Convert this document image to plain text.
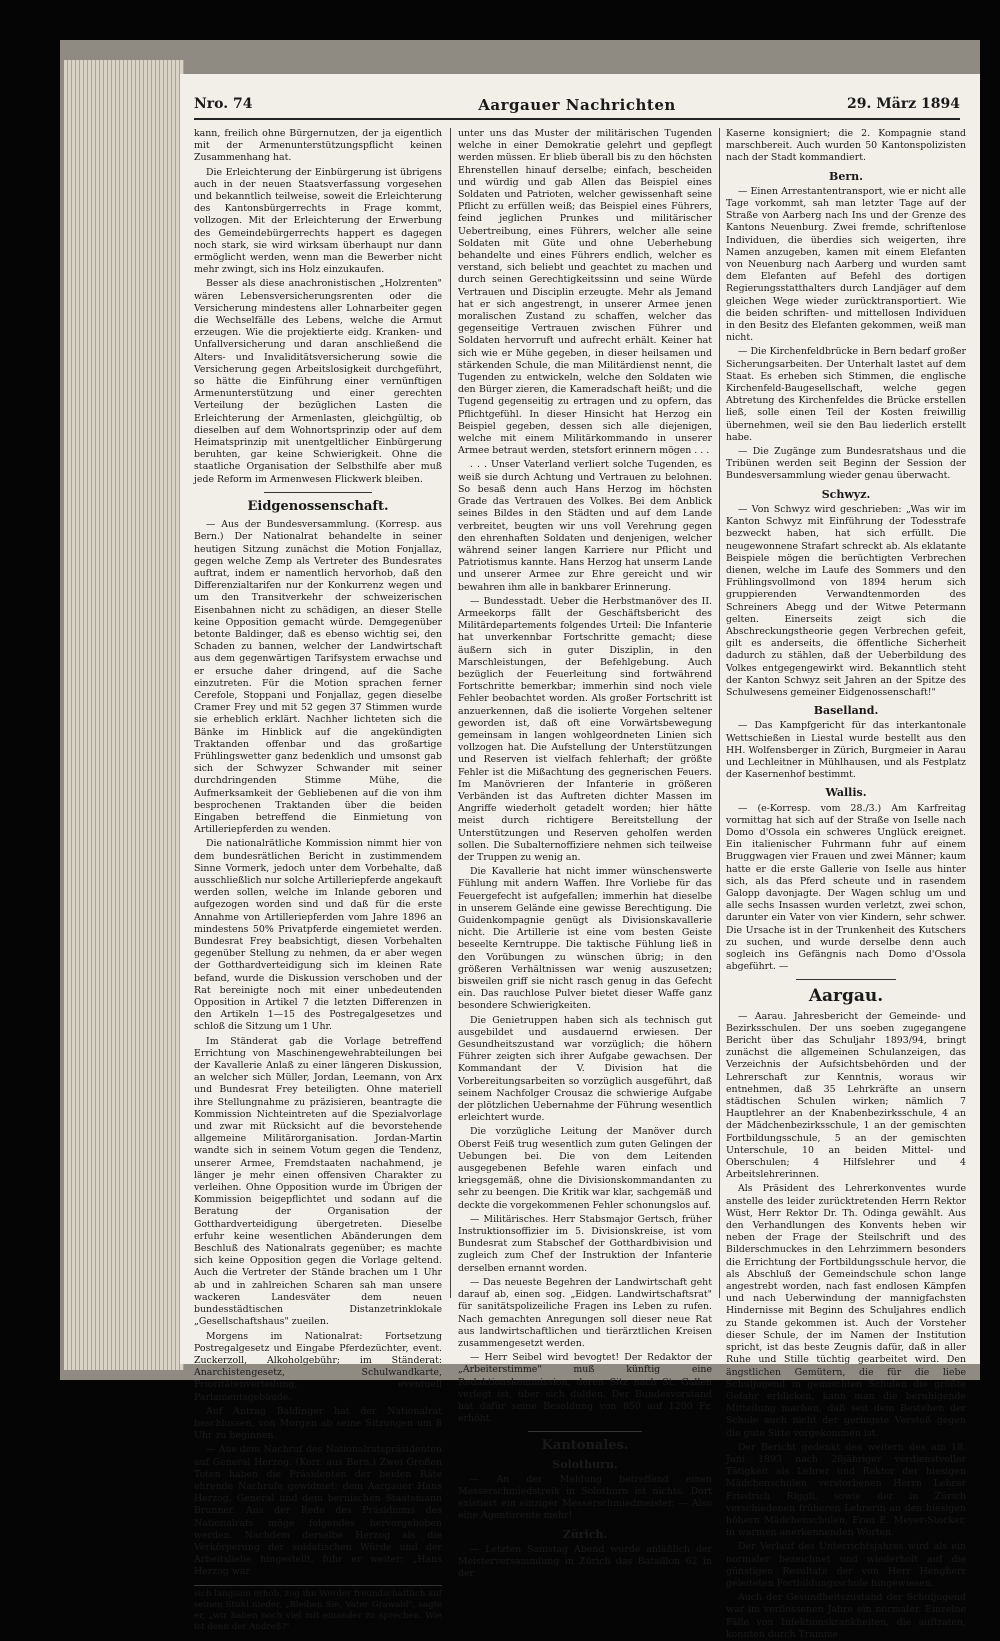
Nro. 74	Aargauer Nachrichten	29. März 1894

kann, freilich ohne Bürgernutzen, der ja eigentlich mit der Armenunterstützungspflicht keinen Zusammenhang hat.

Die Erleichterung der Einbürgerung ist übrigens auch in der neuen Staatsverfassung vorgesehen und bekanntlich teilweise, soweit die Erleichterung des Kantonsbürgerrechts in Frage kommt, vollzogen. Mit der Erleichterung der Erwerbung des Gemeindebürgerrechts happert es dagegen noch stark, sie wird wirksam überhaupt nur dann ermöglicht werden, wenn man die Bewerber nicht mehr zwingt, sich ins Holz einzukaufen.

Besser als diese anachronistischen „Holzrenten" wären Lebensversicherungsrenten oder die Versicherung mindestens aller Lohnarbeiter gegen die Wechselfälle des Lebens, welche die Armut erzeugen. Wie die projektierte eidg. Kranken- und Unfallversicherung und daran anschließend die Alters- und Invaliditätsversicherung sowie die Versicherung gegen Arbeitslosigkeit durchgeführt, so hätte die Einführung einer vernünftigen Armenunterstützung und einer gerechten Verteilung der bezüglichen Lasten die Erleichterung der Armenlasten, gleichgültig, ob dieselben auf dem Wohnortsprinzip oder auf dem Heimatsprinzip mit unentgeltlicher Einbürgerung beruhten, gar keine Schwierigkeit. Ohne die staatliche Organisation der Selbsthilfe aber muß jede Reform im Armenwesen Flickwerk bleiben.

Eidgenossenschaft.

— Aus der Bundesversammlung. (Korresp. aus Bern.) Der Nationalrat behandelte in seiner heutigen Sitzung zunächst die Motion Fonjallaz, gegen welche Zemp als Vertreter des Bundesrates auftrat, indem er namentlich hervorhob, daß den Differenzialtarifen nur der Konkurrenz wegen und um den Transitverkehr der schweizerischen Eisenbahnen nicht zu schädigen, an dieser Stelle keine Opposition gemacht würde. Demgegenüber betonte Baldinger, daß es ebenso wichtig sei, den Schaden zu bannen, welcher der Landwirtschaft aus dem gegenwärtigen Tarifsystem erwachse und er ersuche daher dringend, auf die Sache einzutreten. Für die Motion sprachen ferner Cerefole, Stoppani und Fonjallaz, gegen dieselbe Cramer Frey und mit 52 gegen 37 Stimmen wurde sie erheblich erklärt. Nachher lichteten sich die Bänke im Hinblick auf die angekündigten Traktanden offenbar und das großartige Frühlingswetter ganz bedenklich und umsonst gab sich der Schwyzer Schwander mit seiner durchdringenden Stimme Mühe, die Aufmerksamkeit der Gebliebenen auf die von ihm besprochenen Traktanden über die beiden Eingaben betreffend die Einmietung von Artilleriepferden zu wenden.

Die nationalrätliche Kommission nimmt hier von dem bundesrätlichen Bericht in zustimmendem Sinne Vormerk, jedoch unter dem Vorbehalte, daß ausschließlich nur solche Artilleriepferde angekauft werden sollen, welche im Inlande geboren und aufgezogen worden sind und daß für die erste Annahme von Artilleriepferden vom Jahre 1896 an mindestens 50% Privatpferde eingemietet werden. Bundesrat Frey beabsichtigt, diesen Vorbehalten gegenüber Stellung zu nehmen, da er aber wegen der Gotthardverteidigung sich im kleinen Rate befand, wurde die Diskussion verschoben und der Rat bereinigte noch mit einer unbedeutenden Opposition in Artikel 7 die letzten Differenzen in den Artikeln 1—15 des Postregalgesetzes und schloß die Sitzung um 1 Uhr.

Im Ständerat gab die Vorlage betreffend Errichtung von Maschinengewehrabteilungen bei der Kavallerie Anlaß zu einer längeren Diskussion, an welcher sich Müller, Jordan, Leemann, von Arx und Bundesrat Frey beteiligten. Ohne materiell ihre Stellungnahme zu präzisieren, beantragte die Kommission Nichteintreten auf die Spezialvorlage und zwar mit Rücksicht auf die bevorstehende allgemeine Militärorganisation. Jordan-Martin wandte sich in seinem Votum gegen die Tendenz, unserer Armee, Fremdstaaten nachahmend, je länger je mehr einen offensiven Charakter zu verleihen. Ohne Opposition wurde im Übrigen der Kommission beigepflichtet und sodann auf die Beratung der Organisation der Gotthardverteidigung übergetreten. Dieselbe erfuhr keine wesentlichen Abänderungen dem Beschluß des Nationalrats gegenüber; es machte sich keine Opposition gegen die Vorlage geltend. Auch die Vertreter der Stände brachen um 1 Uhr ab und in zahlreichen Scharen sah man unsere wackeren Landesväter dem neuen bundesstädtischen Distanzetrinklokale „Gesellschaftshaus" zueilen.

Morgens im Nationalrat: Fortsetzung Postregalgesetz und Eingabe Pferdezüchter, event. Zuckerzoll, Alkoholgebühr; im Ständerat: Anarchistengesetz, Schulwandkarte, Prioritätenverteilung, eventuell Parlamentsgebäude.

Auf Antrag Baldinger hat der Nationalrat beschlossen, von Morgen ab seine Sitzungen um 8 Uhr zu beginnen.

— Aus dem Nachruf des Nationalratspräsidenten auf General Herzog. (Korr. aus Bern.) Zwei Großen Toten haben die Präsidenten der beiden Räte ehrende Nachrufe gewidmet: dem Aargauer Hans Herzog, General und dem bernischen Staatsmann Brunner. Aus der Rede des Präsidiums des Nationalrats möge folgendes hervorgehoben werden. Nachdem derselbe Herzog als die Verkörperung der soldatischen Würde und der Arbeitsliebe hingestellt, fuhr er weiter: „Hans Herzog war

sich langsam erhob, zog ihn Werder freundschaftlich auf seinen Stuhl nieder, „Bleiben Sie, Vater Grawald", sagte er, „wir haben noch viel mit einander zu sprechen. Wie ist denn der Andreß?"

unter uns das Muster der militärischen Tugenden welche in einer Demokratie gelehrt und gepflegt werden müssen. Er blieb überall bis zu den höchsten Ehrenstellen hinauf derselbe; einfach, bescheiden und würdig und gab Allen das Beispiel eines Soldaten und Patrioten, welcher gewissenhaft seine Pflicht zu erfüllen weiß; das Beispiel eines Führers, feind jeglichen Prunkes und militärischer Uebertreibung, eines Führers, welcher alle seine Soldaten mit Güte und ohne Ueberhebung behandelte und eines Führers endlich, welcher es verstand, sich beliebt und geachtet zu machen und durch seinen Gerechtigkeitssinn und seine Würde Vertrauen und Disciplin erzeugte. Mehr als Jemand hat er sich angestrengt, in unserer Armee jenen moralischen Zustand zu schaffen, welcher das gegenseitige Vertrauen zwischen Führer und Soldaten hervorruft und aufrecht erhält. Keiner hat sich wie er Mühe gegeben, in dieser heilsamen und stärkenden Schule, die man Militärdienst nennt, die Tugenden zu entwickeln, welche den Soldaten wie den Bürger zieren, die Kameradschaft heißt; und die Tugend gegenseitig zu ertragen und zu opfern, das Pflichtgefühl. In dieser Hinsicht hat Herzog ein Beispiel gegeben, dessen sich alle diejenigen, welche mit einem Militärkommando in unserer Armee betraut werden, stetsfort erinnern mögen . . .

. . . Unser Vaterland verliert solche Tugenden, es weiß sie durch Achtung und Vertrauen zu belohnen. So besaß denn auch Hans Herzog im höchsten Grade das Vertrauen des Volkes. Bei dem Anblick seines Bildes in den Städten und auf dem Lande verbreitet, beugten wir uns voll Verehrung gegen den ehrenhaften Soldaten und denjenigen, welcher während seiner langen Karriere nur Pflicht und Patriotismus kannte. Hans Herzog hat unserm Lande und unserer Armee zur Ehre gereicht und wir bewahren ihm alle in bankbarer Erinnerung.

— Bundesstadt. Ueber die Herbstmanöver des II. Armeekorps fällt der Geschäftsbericht des Militärdepartements folgendes Urteil: Die Infanterie hat unverkennbar Fortschritte gemacht; diese äußern sich in guter Disziplin, in den Marschleistungen, der Befehlgebung. Auch bezüglich der Feuerleitung sind fortwährend Fortschritte bemerkbar; immerhin sind noch viele Fehler beobachtet worden. Als großer Fortschritt ist anzuerkennen, daß die isolierte Vorgehen seltener geworden ist, daß oft eine Vorwärtsbewegung gemeinsam in langen wohlgeordneten Linien sich vollzogen hat. Die Aufstellung der Unterstützungen und Reserven ist vielfach fehlerhaft; der größte Fehler ist die Mißachtung des gegnerischen Feuers. Im Manövrieren der Infanterie in größeren Verbänden ist das Auftreten dichter Massen im Angriffe wiederholt getadelt worden; hier hätte meist durch richtigere Bereitstellung der Unterstützungen und Reserven geholfen werden sollen. Die Subalternoffiziere nehmen sich teilweise der Truppen zu wenig an.

Die Kavallerie hat nicht immer wünschenswerte Fühlung mit andern Waffen. Ihre Vorliebe für das Feuergefecht ist aufgefallen; immerhin hat dieselbe in unserem Gelände eine gewisse Berechtigung. Die Guidenkompagnie genügt als Divisionskavallerie nicht. Die Artillerie ist eine vom besten Geiste beseelte Kerntruppe. Die taktische Fühlung ließ in den Vorübungen zu wünschen übrig; in den größeren Verhältnissen war wenig auszusetzen; bisweilen griff sie nicht rasch genug in das Gefecht ein. Das rauchlose Pulver bietet dieser Waffe ganz besondere Schwierigkeiten.

Die Genietruppen haben sich als technisch gut ausgebildet und ausdauernd erwiesen. Der Gesundheitszustand war vorzüglich; die höhern Führer zeigten sich ihrer Aufgabe gewachsen. Der Kommandant der V. Division hat die Vorbereitungsarbeiten so vorzüglich ausgeführt, daß seinem Nachfolger Crousaz die schwierige Aufgabe der plötzlichen Uebernahme der Führung wesentlich erleichtert wurde.

Die vorzügliche Leitung der Manöver durch Oberst Feiß trug wesentlich zum guten Gelingen der Uebungen bei. Die von dem Leitenden ausgegebenen Befehle waren einfach und kriegsgemäß, ohne die Divisionskommandanten zu sehr zu beengen. Die Kritik war klar, sachgemäß und deckte die vorgekommenen Fehler schonungslos auf.

— Militärisches. Herr Stabsmajor Gertsch, früher Instruktionsoffizier im 5. Divisionskreise, ist vom Bundesrat zum Stabschef der Gotthardbivision und zugleich zum Chef der Instruktion der Infanterie derselben ernannt worden.

— Das neueste Begehren der Landwirtschaft geht darauf ab, einen sog. „Eidgen. Landwirtschaftsrat" für sanitätspolizeiliche Fragen ins Leben zu rufen. Nach gemachten Anregungen soll dieser neue Rat aus landwirtschaftlichen und tierärztlichen Kreisen zusammengesetzt werden.

— Herr Seibel wird bevogtet! Der Redaktor der „Arbeiterstimme" muß künftig eine Redaktionskommission, deren Sitz nach St. Gallen verlegt ist, über sich dulden. Der Bundesvorstand hat dafür seine Besoldung von 850 auf 1200 Fr. erhöht.

Kantonales.
Solothurn.

— An der Meldung betreffend einen Messerschmiedstreik in Solothurn ist nichts. Dort existiert ein einziger Messerschmiedmeister. — Also eine Agenturente mehr!

Zürich.

— Letzten Samstag Abend wurde anläßlich der Meisterversammlung in Zürich das Bataillon 62 in der

Kaserne konsigniert; die 2. Kompagnie stand marschbereit. Auch wurden 50 Kantonspolizisten nach der Stadt kommandiert.

Bern.

— Einen Arrestantentransport, wie er nicht alle Tage vorkommt, sah man letzter Tage auf der Straße von Aarberg nach Ins und der Grenze des Kantons Neuenburg. Zwei fremde, schriftenlose Individuen, die überdies sich weigerten, ihre Namen anzugeben, kamen mit einem Elefanten von Neuenburg nach Aarberg und wurden samt dem Elefanten auf Befehl des dortigen Regierungsstatthalters durch Landjäger auf dem gleichen Wege wieder zurücktransportiert. Wie die beiden schriften- und mittellosen Individuen in den Besitz des Elefanten gekommen, weiß man nicht.

— Die Kirchenfeldbrücke in Bern bedarf großer Sicherungsarbeiten. Der Unterhalt lastet auf dem Staat. Es erheben sich Stimmen, die englische Kirchenfeld-Baugesellschaft, welche gegen Abtretung des Kirchenfeldes die Brücke erstellen ließ, solle einen Teil der Kosten freiwillig übernehmen, weil sie den Bau liederlich erstellt habe.

— Die Zugänge zum Bundesratshaus und die Tribünen werden seit Beginn der Session der Bundesversammlung wieder genau überwacht.

Schwyz.

— Von Schwyz wird geschrieben: „Was wir im Kanton Schwyz mit Einführung der Todesstrafe bezweckt haben, hat sich erfüllt. Die neugewonnene Strafart schreckt ab. Als eklatante Beispiele mögen die berüchtigten Verbrechen dienen, welche im Laufe des Sommers und den Frühlingsvollmond von 1894 herum sich gruppierenden Verwandtenmorden des Schreiners Abegg und der Witwe Petermann gelten. Einerseits zeigt sich die Abschreckungstheorie gegen Verbrechen gefeit, gilt es anderseits, die öffentliche Sicherheit dadurch zu stählen, daß der Ueberbildung des Volkes entgegengewirkt wird. Bekanntlich steht der Kanton Schwyz seit Jahren an der Spitze des Schulwesens gemeiner Eidgenossenschaft!"

Baselland.

— Das Kampfgericht für das interkantonale Wettschießen in Liestal wurde bestellt aus den HH. Wolfensberger in Zürich, Burgmeier in Aarau und Lechleitner in Mühlhausen, und als Festplatz der Kasernenhof bestimmt.

Wallis.

— (e-Korresp. vom 28./3.) Am Karfreitag vormittag hat sich auf der Straße von Iselle nach Domo d'Ossola ein schweres Unglück ereignet. Ein italienischer Fuhrmann fuhr auf einem Bruggwagen vier Frauen und zwei Männer; kaum hatte er die erste Gallerie von Iselle aus hinter sich, als das Pferd scheute und in rasendem Galopp davonjagte. Der Wagen schlug um und alle sechs Insassen wurden verletzt, zwei schon, darunter ein Vater von vier Kindern, sehr schwer. Die Ursache ist in der Trunkenheit des Kutschers zu suchen, und wurde derselbe denn auch sogleich ins Gefängnis nach Domo d'Ossola abgeführt. —

Aargau.

— Aarau. Jahresbericht der Gemeinde- und Bezirksschulen. Der uns soeben zugegangene Bericht über das Schuljahr 1893/94, bringt zunächst die allgemeinen Schulanzeigen, das Verzeichnis der Aufsichtsbehörden und der Lehrerschaft zur Kenntnis, woraus wir entnehmen, daß 35 Lehrkräfte an unsern städtischen Schulen wirken; nämlich 7 Hauptlehrer an der Knabenbezirksschule, 4 an der Mädchenbezirksschule, 1 an der gemischten Fortbildungsschule, 5 an der gemischten Unterschule, 10 an beiden Mittel- und Oberschulen; 4 Hilfslehrer und 4 Arbeitslehrerinnen.

Als Präsident des Lehrerkonventes wurde anstelle des leider zurücktretenden Herrn Rektor Wüst, Herr Rektor Dr. Th. Odinga gewählt. Aus den Verhandlungen des Konvents heben wir neben der Frage der Steilschrift und des Bilderschmuckes in den Lehrzimmern besonders die Errichtung der Fortbildungsschule hervor, die als Abschluß der Gemeindschule schon lange angestrebt worden, nach fast endlosen Kämpfen und nach Ueberwindung der mannigfachsten Hindernisse mit Beginn des Schuljahres endlich zu Stande gekommen ist. Auch der Vorsteher dieser Schule, der im Namen der Institution spricht, ist das beste Zeugnis dafür, daß in aller Ruhe und Stille tüchtig gearbeitet wird. Den ängstlichen Gemütern, die für die liebe Schuljugend in gemischten Schulen die größte Gefahr erblicken, kann man die beruhigende Mitteilung machen, daß seit dem Bestehen der Schule auch nicht der geringste Verstoß gegen die gute Sitte vorgekommen ist.

Der Bericht gedenkt des weitern des am 18. Juni 1893 nach 28jähriger verdienstvoller Tätigkeit als Lehrer und Rektor der hiesigen Mädchenschulen verstorbenen Herrn Lehrer Friedrich Riggli, sowie der in Zürich verschiedenen früheren Lehrerin an den hiesigen höhern Mädchenschulen, Frau E. Meyer-Stocker, in warmen anerkennenden Worten.

Der Verlauf des Unterrichtsjahres wird als ein normaler bezeichnet und wiederholt auf die günstigen Resultate der von Herr Hengherr geleiteten Fortbildungsschule hingewiesen.

Auch der Gesundheitszustand der Schuljugend war im verflossenen Jahre ein normaler. Einzelne Fälle von Infektionskrankheiten, die auftraten, konnten durch Tramme
